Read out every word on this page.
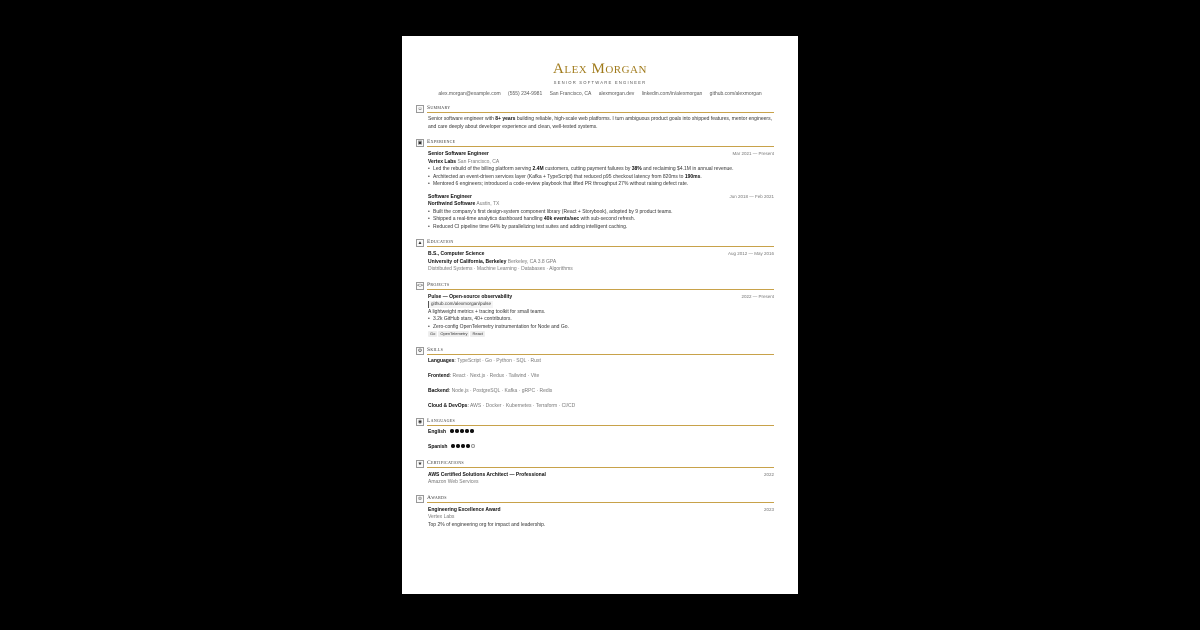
Alex Morgan
SENIOR SOFTWARE ENGINEER
alex.morgan@example.com (555) 234-9981 San Francisco, CA alexmorgan.dev linkedin.com/in/alexmorgan github.com/alexmorgan
☺ Summary
Senior software engineer with 8+ years building reliable, high-scale web platforms. I turn ambiguous product goals into shipped features, mentor engineers, and care deeply about developer experience and clean, well-tested systems.
▣ Experience
Senior Software Engineer	Mar 2021 — Present
Vertex Labs San Francisco, CA
• Led the rebuild of the billing platform serving 2.4M customers, cutting payment failures by 38% and reclaiming $4.1M in annual revenue.
• Architected an event-driven services layer (Kafka + TypeScript) that reduced p95 checkout latency from 820ms to 190ms.
• Mentored 6 engineers; introduced a code-review playbook that lifted PR throughput 27% without raising defect rate.
Software Engineer	Jun 2018 — Feb 2021
Northwind Software Austin, TX
• Built the company's first design-system component library (React + Storybook), adopted by 9 product teams.
• Shipped a real-time analytics dashboard handling 40k events/sec with sub-second refresh.
• Reduced CI pipeline time 64% by parallelizing test suites and adding intelligent caching.
▲ Education
B.S., Computer Science	Aug 2012 — May 2016
University of California, Berkeley Berkeley, CA 3.8 GPA
Distributed Systems · Machine Learning · Databases · Algorithms
<> Projects
Pulse — Open-source observability	2022 — Present
github.com/alexmorgan/pulse
A lightweight metrics + tracing toolkit for small teams.
• 3.2k GitHub stars, 40+ contributors.
• Zero-config OpenTelemetry instrumentation for Node and Go.
Go OpenTelemetry React
⚙ Skills
Languages: TypeScript · Go · Python · SQL · Rust
Frontend: React · Next.js · Redux · Tailwind · Vite
Backend: Node.js · PostgreSQL · Kafka · gRPC · Redis
Cloud & DevOps: AWS · Docker · Kubernetes · Terraform · CI/CD
◉ Languages
English
Spanish
★ Certifications
AWS Certified Solutions Architect — Professional	2022
Amazon Web Services
♔ Awards
Engineering Excellence Award	2023
Vertex Labs
Top 2% of engineering org for impact and leadership.
